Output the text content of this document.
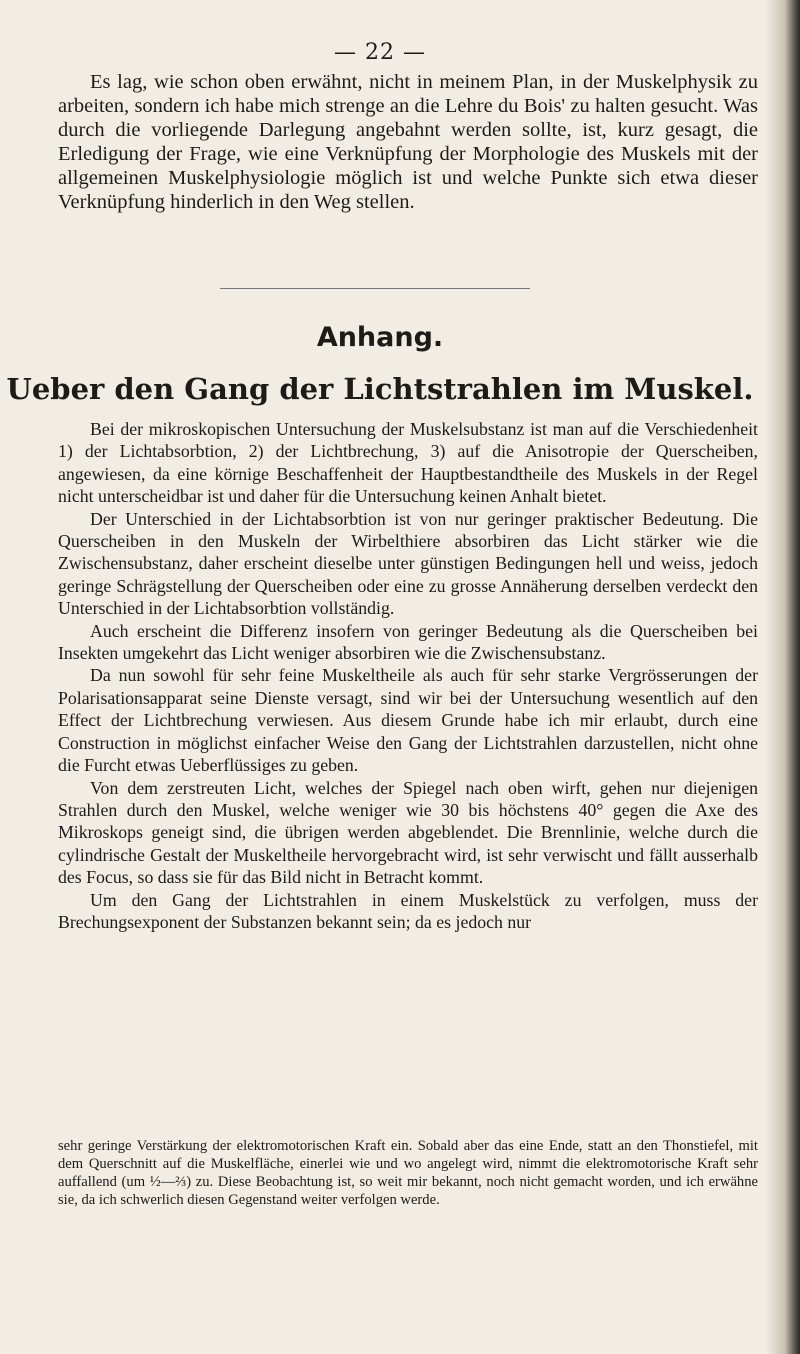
— 22 —

Es lag, wie schon oben erwähnt, nicht in meinem Plan, in der Muskelphysik zu arbeiten, sondern ich habe mich strenge an die Lehre du Bois' zu halten gesucht. Was durch die vorliegende Darlegung angebahnt werden sollte, ist, kurz gesagt, die Erledigung der Frage, wie eine Verknüpfung der Morphologie des Muskels mit der allgemeinen Muskelphysiologie möglich ist und welche Punkte sich etwa dieser Verknüpfung hinderlich in den Weg stellen.

Anhang.
Ueber den Gang der Lichtstrahlen im Muskel.

Bei der mikroskopischen Untersuchung der Muskelsubstanz ist man auf die Verschiedenheit 1) der Lichtabsorbtion, 2) der Lichtbrechung, 3) auf die Anisotropie der Querscheiben, angewiesen, da eine körnige Beschaffenheit der Hauptbestandtheile des Muskels in der Regel nicht unterscheidbar ist und daher für die Untersuchung keinen Anhalt bietet.

Der Unterschied in der Lichtabsorbtion ist von nur geringer praktischer Bedeutung. Die Querscheiben in den Muskeln der Wirbelthiere absorbiren das Licht stärker wie die Zwischensubstanz, daher erscheint dieselbe unter günstigen Bedingungen hell und weiss, jedoch geringe Schrägstellung der Querscheiben oder eine zu grosse Annäherung derselben verdeckt den Unterschied in der Lichtabsorbtion vollständig.

Auch erscheint die Differenz insofern von geringer Bedeutung als die Querscheiben bei Insekten umgekehrt das Licht weniger absorbiren wie die Zwischensubstanz.

Da nun sowohl für sehr feine Muskeltheile als auch für sehr starke Vergrösserungen der Polarisationsapparat seine Dienste versagt, sind wir bei der Untersuchung wesentlich auf den Effect der Lichtbrechung verwiesen. Aus diesem Grunde habe ich mir erlaubt, durch eine Construction in möglichst einfacher Weise den Gang der Lichtstrahlen darzustellen, nicht ohne die Furcht etwas Ueberflüssiges zu geben.

Von dem zerstreuten Licht, welches der Spiegel nach oben wirft, gehen nur diejenigen Strahlen durch den Muskel, welche weniger wie 30 bis höchstens 40° gegen die Axe des Mikroskops geneigt sind, die übrigen werden abgeblendet. Die Brennlinie, welche durch die cylindrische Gestalt der Muskeltheile hervorgebracht wird, ist sehr verwischt und fällt ausserhalb des Focus, so dass sie für das Bild nicht in Betracht kommt.

Um den Gang der Lichtstrahlen in einem Muskelstück zu verfolgen, muss der Brechungsexponent der Substanzen bekannt sein; da es jedoch nur

sehr geringe Verstärkung der elektromotorischen Kraft ein. Sobald aber das eine Ende, statt an den Thonstiefel, mit dem Querschnitt auf die Muskelfläche, einerlei wie und wo angelegt wird, nimmt die elektromotorische Kraft sehr auffallend (um ½—⅔) zu. Diese Beobachtung ist, so weit mir bekannt, noch nicht gemacht worden, und ich erwähne sie, da ich schwerlich diesen Gegenstand weiter verfolgen werde.
